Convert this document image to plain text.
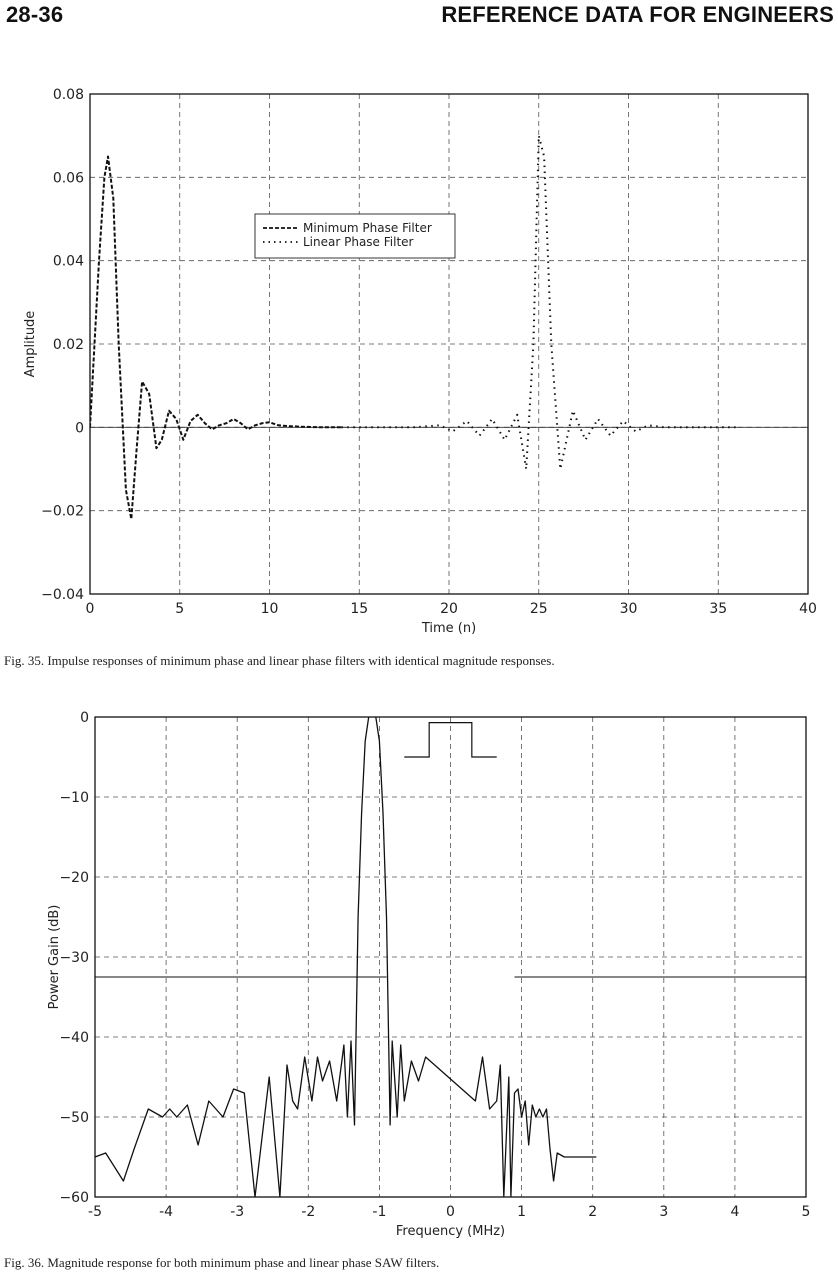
28-36	REFERENCE DATA FOR ENGINEERS
0	5	10	15	20	25	30	35	40
−0.04
−0.02
0
0.02
0.04
0.06
0.08
Time (n)
Amplitude
Minimum Phase Filter
Linear Phase Filter
Fig. 35. Impulse responses of minimum phase and linear phase filters with identical magnitude responses.
-5	-4	-3	-2	-1	0	1	2	3	4	5
−60
−50
−40
−30
−20
−10
0
Frequency (MHz)
Power Gain (dB)
Fig. 36. Magnitude response for both minimum phase and linear phase SAW filters.
